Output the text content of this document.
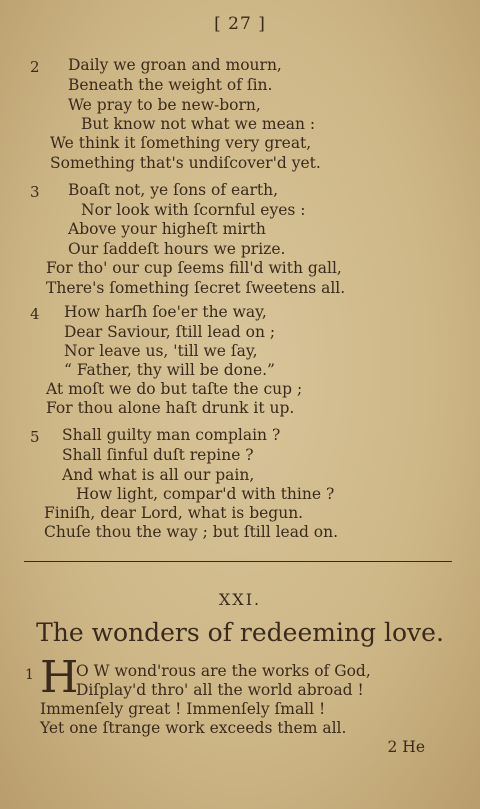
[ 27 ]
2 Daily we groan and mourn,
Beneath the weight of ſin.
We pray to be new-born,
But know not what we mean :
We think it ſomething very great,
Something that's undiſcover'd yet.
3 Boaſt not, ye ſons of earth,
Nor look with ſcornful eyes :
Above your higheſt mirth
Our ſaddeſt hours we prize.
For tho' our cup ſeems fill'd with gall,
There's ſomething ſecret ſweetens all.
4 How harſh ſoe'er the way,
Dear Saviour, ſtill lead on ;
Nor leave us, 'till we ſay,
“ Father, thy will be done.”
At moſt we do but taſte the cup ;
For thou alone haſt drunk it up.
5 Shall guilty man complain ?
Shall ſinful duſt repine ?
And what is all our pain,
How light, compar'd with thine ?
Finiſh, dear Lord, what is begun.
Chuſe thou the way ; but ſtill lead on.
XXI.
The wonders of redeeming love.
1 H
O W wond'rous are the works of God,
Diſplay'd thro' all the world abroad !
Immenſely great ! Immenſely ſmall !
Yet one ſtrange work exceeds them all.
2 He
